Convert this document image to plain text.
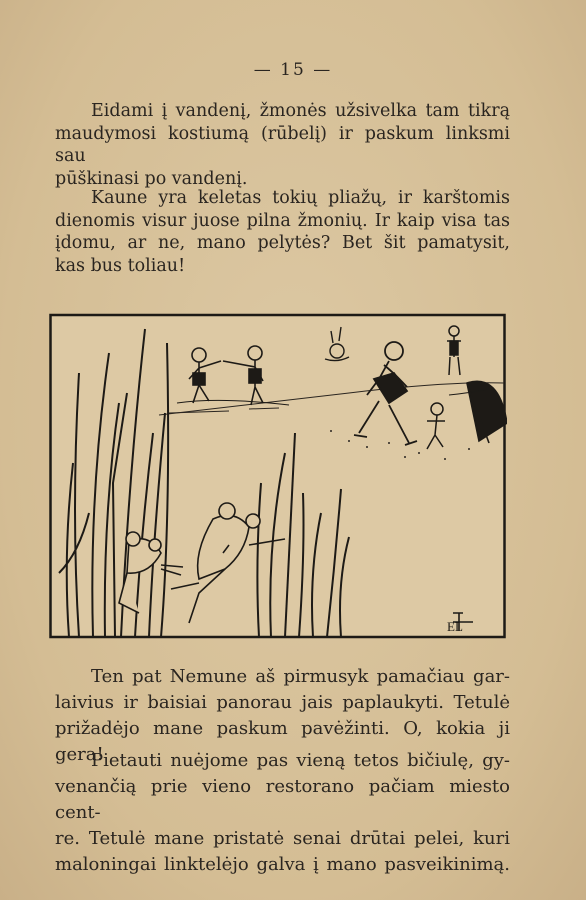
— 15 —

Eidami į vandenį, žmonės užsivelka tam tikrą
maudymosi kostiumą (rūbelį) ir paskum linksmi sau
pūškinasi po vandenį.

Kaune yra keletas tokių pliažų, ir karštomis
dienomis visur juose pilna žmonių. Ir kaip visa tas
įdomu, ar ne, mano pelytės? Bet šit pamatysit,
kas bus toliau!

EL

Ten pat Nemune aš pirmusyk pamačiau gar-
laivius ir baisiai panorau jais paplaukyti. Tetulė
prižadėjo mane paskum pavėžinti. O, kokia ji gera!

Pietauti nuėjome pas vieną tetos bičiulę, gy-
venančią prie vieno restorano pačiam miesto cent-
re. Tetulė mane pristatė senai drūtai pelei, kuri
maloningai linktelėjo galva į mano pasveikinimą.
